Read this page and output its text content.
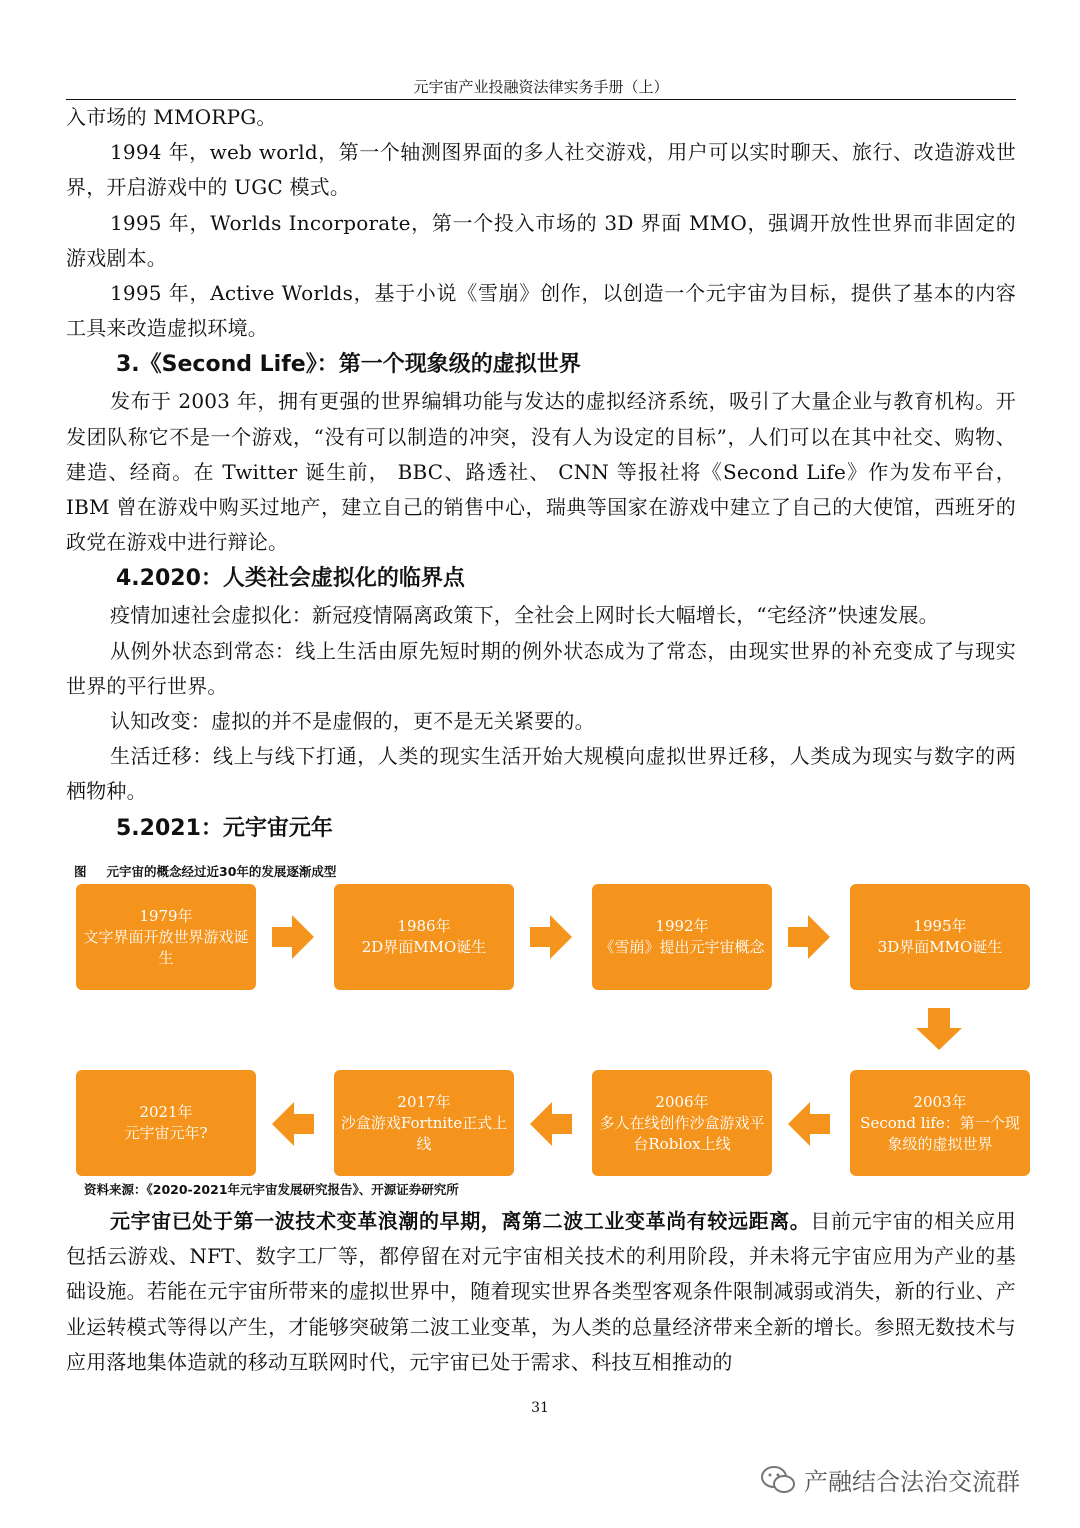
元宇宙产业投融资法律实务手册（上）

入市场的 MMORPG。

1994 年，web world，第一个轴测图界面的多人社交游戏，用户可以实时聊天、旅行、改造游戏世界，开启游戏中的 UGC 模式。

1995 年，Worlds Incorporate，第一个投入市场的 3D 界面 MMO，强调开放性世界而非固定的游戏剧本。

1995 年，Active Worlds，基于小说《雪崩》创作，以创造一个元宇宙为目标，提供了基本的内容工具来改造虚拟环境。

3.《Second Life》：第一个现象级的虚拟世界

发布于 2003 年，拥有更强的世界编辑功能与发达的虚拟经济系统，吸引了大量企业与教育机构。开发团队称它不是一个游戏，“没有可以制造的冲突，没有人为设定的目标”，人们可以在其中社交、购物、建造、经商。在 Twitter 诞生前， BBC、路透社、 CNN 等报社将《Second Life》作为发布平台，IBM 曾在游戏中购买过地产，建立自己的销售中心，瑞典等国家在游戏中建立了自己的大使馆，西班牙的政党在游戏中进行辩论。

4.2020：人类社会虚拟化的临界点

疫情加速社会虚拟化：新冠疫情隔离政策下，全社会上网时长大幅增长，“宅经济”快速发展。

从例外状态到常态：线上生活由原先短时期的例外状态成为了常态，由现实世界的补充变成了与现实世界的平行世界。

认知改变：虚拟的并不是虚假的，更不是无关紧要的。

生活迁移：线上与线下打通，人类的现实生活开始大规模向虚拟世界迁移，人类成为现实与数字的两栖物种。

5.2021：元宇宙元年
图 元宇宙的概念经过近30年的发展逐渐成型
1979年
文字界面开放世界游戏诞生
1986年
2D界面MMO诞生
1992年
《雪崩》提出元宇宙概念
1995年
3D界面MMO诞生
2003年
Second life：第一个现象级的虚拟世界
2006年
多人在线创作沙盒游戏平台Roblox上线
2017年
沙盒游戏Fortnite正式上线
2021年
元宇宙元年?
资料来源：《2020-2021年元宇宙发展研究报告》、开源证券研究所

元宇宙已处于第一波技术变革浪潮的早期，离第二波工业变革尚有较远距离。目前元宇宙的相关应用包括云游戏、NFT、数字工厂等，都停留在对元宇宙相关技术的利用阶段，并未将元宇宙应用为产业的基础设施。若能在元宇宙所带来的虚拟世界中，随着现实世界各类型客观条件限制减弱或消失，新的行业、产业运转模式等得以产生，才能够突破第二波工业变革，为人类的总量经济带来全新的增长。参照无数技术与应用落地集体造就的移动互联网时代，元宇宙已处于需求、科技互相推动的

31
产融结合法治交流群
